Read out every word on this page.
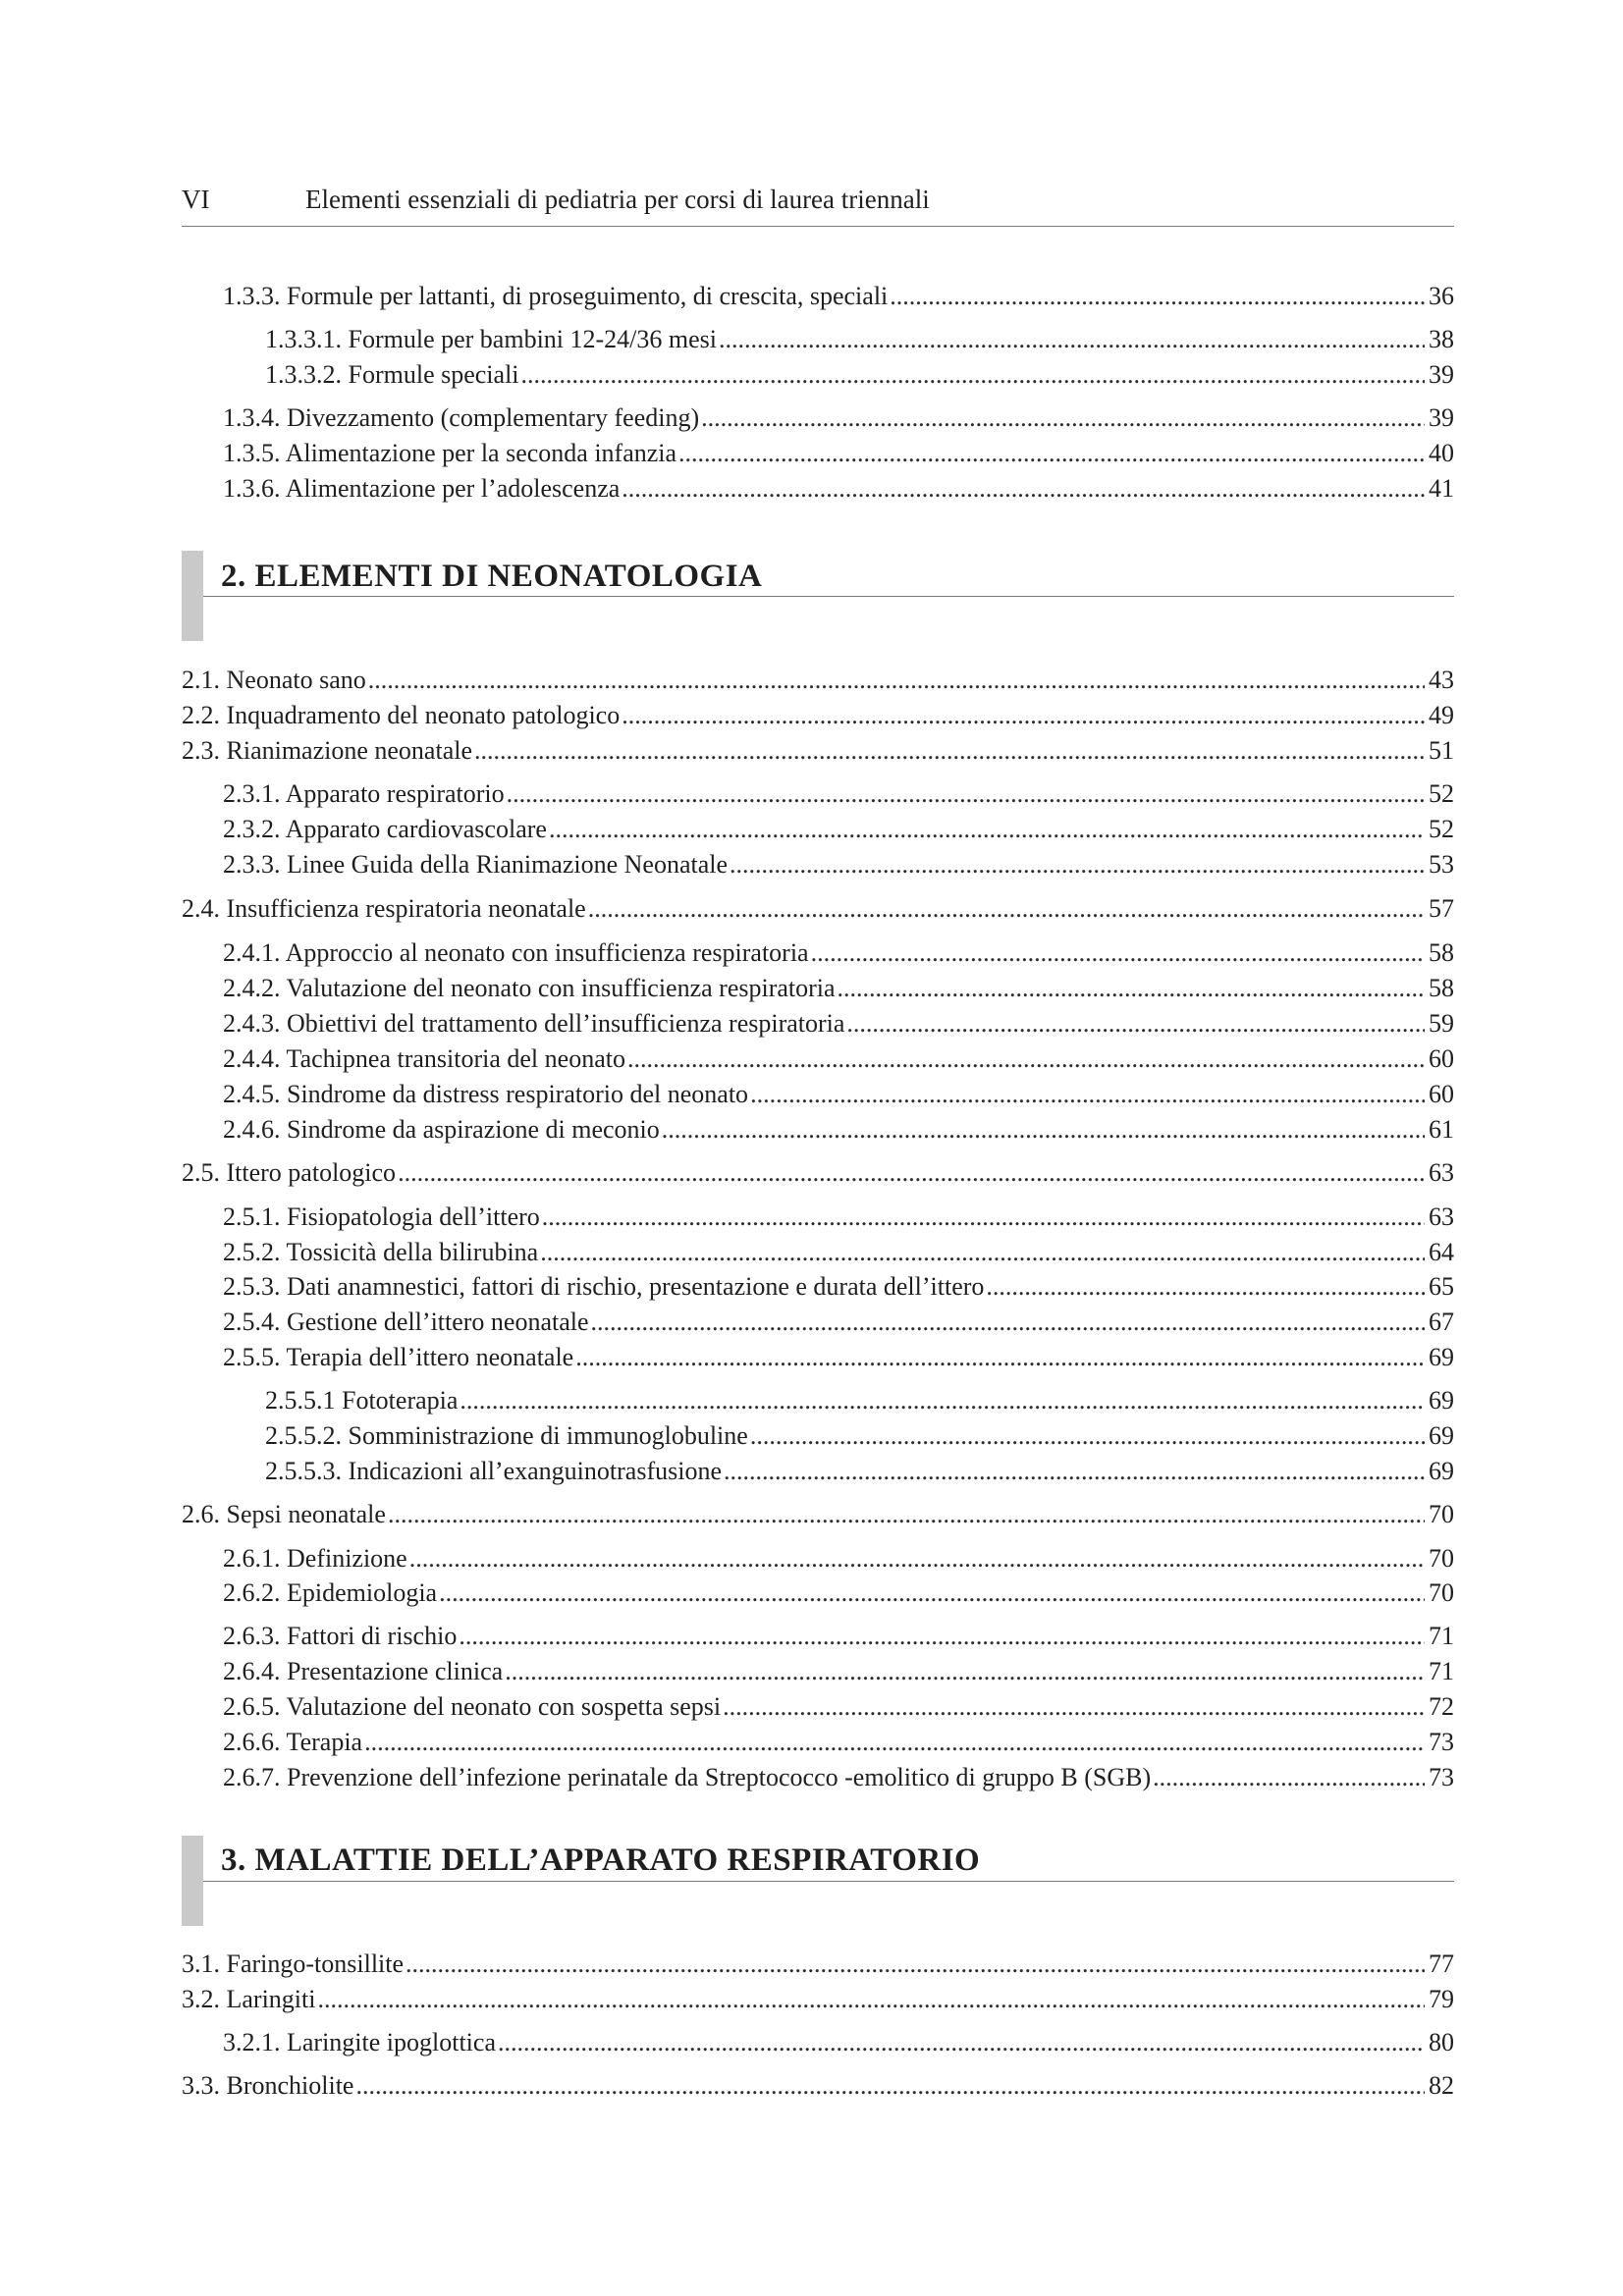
VI	Elementi essenziali di pediatria per corsi di laurea triennali
1.3.3. Formule per lattanti, di proseguimento, di crescita, speciali .....	36
1.3.3.1. Formule per bambini 12-24/36 mesi .....	38
1.3.3.2. Formule speciali .....	39
1.3.4. Divezzamento (complementary feeding) .....	39
1.3.5. Alimentazione per la seconda infanzia .....	40
1.3.6. Alimentazione per l’adolescenza .....	41
2. ELEMENTI DI NEONATOLOGIA
2.1. Neonato sano .....	43
2.2. Inquadramento del neonato patologico .....	49
2.3. Rianimazione neonatale .....	51
2.3.1. Apparato respiratorio .....	52
2.3.2. Apparato cardiovascolare .....	52
2.3.3. Linee Guida della Rianimazione Neonatale .....	53
2.4. Insufficienza respiratoria neonatale .....	57
2.4.1. Approccio al neonato con insufficienza respiratoria .....	58
2.4.2. Valutazione del neonato con insufficienza respiratoria .....	58
2.4.3. Obiettivi del trattamento dell’insufficienza respiratoria .....	59
2.4.4. Tachipnea transitoria del neonato .....	60
2.4.5. Sindrome da distress respiratorio del neonato .....	60
2.4.6. Sindrome da aspirazione di meconio .....	61
2.5. Ittero patologico .....	63
2.5.1. Fisiopatologia dell’ittero .....	63
2.5.2. Tossicità della bilirubina .....	64
2.5.3. Dati anamnestici, fattori di rischio, presentazione e durata dell’ittero .....	65
2.5.4. Gestione dell’ittero neonatale .....	67
2.5.5. Terapia dell’ittero neonatale .....	69
2.5.5.1 Fototerapia .....	69
2.5.5.2. Somministrazione di immunoglobuline .....	69
2.5.5.3. Indicazioni all’exanguinotrasfusione .....	69
2.6. Sepsi neonatale .....	70
2.6.1. Definizione .....	70
2.6.2. Epidemiologia .....	70
2.6.3. Fattori di rischio .....	71
2.6.4. Presentazione clinica .....	71
2.6.5. Valutazione del neonato con sospetta sepsi .....	72
2.6.6. Terapia .....	73
2.6.7. Prevenzione dell’infezione perinatale da Streptococco -emolitico di gruppo B (SGB) .....	73
3. MALATTIE DELL’APPARATO RESPIRATORIO
3.1. Faringo-tonsillite .....	77
3.2. Laringiti .....	79
3.2.1. Laringite ipoglottica .....	80
3.3. Bronchiolite .....	82
